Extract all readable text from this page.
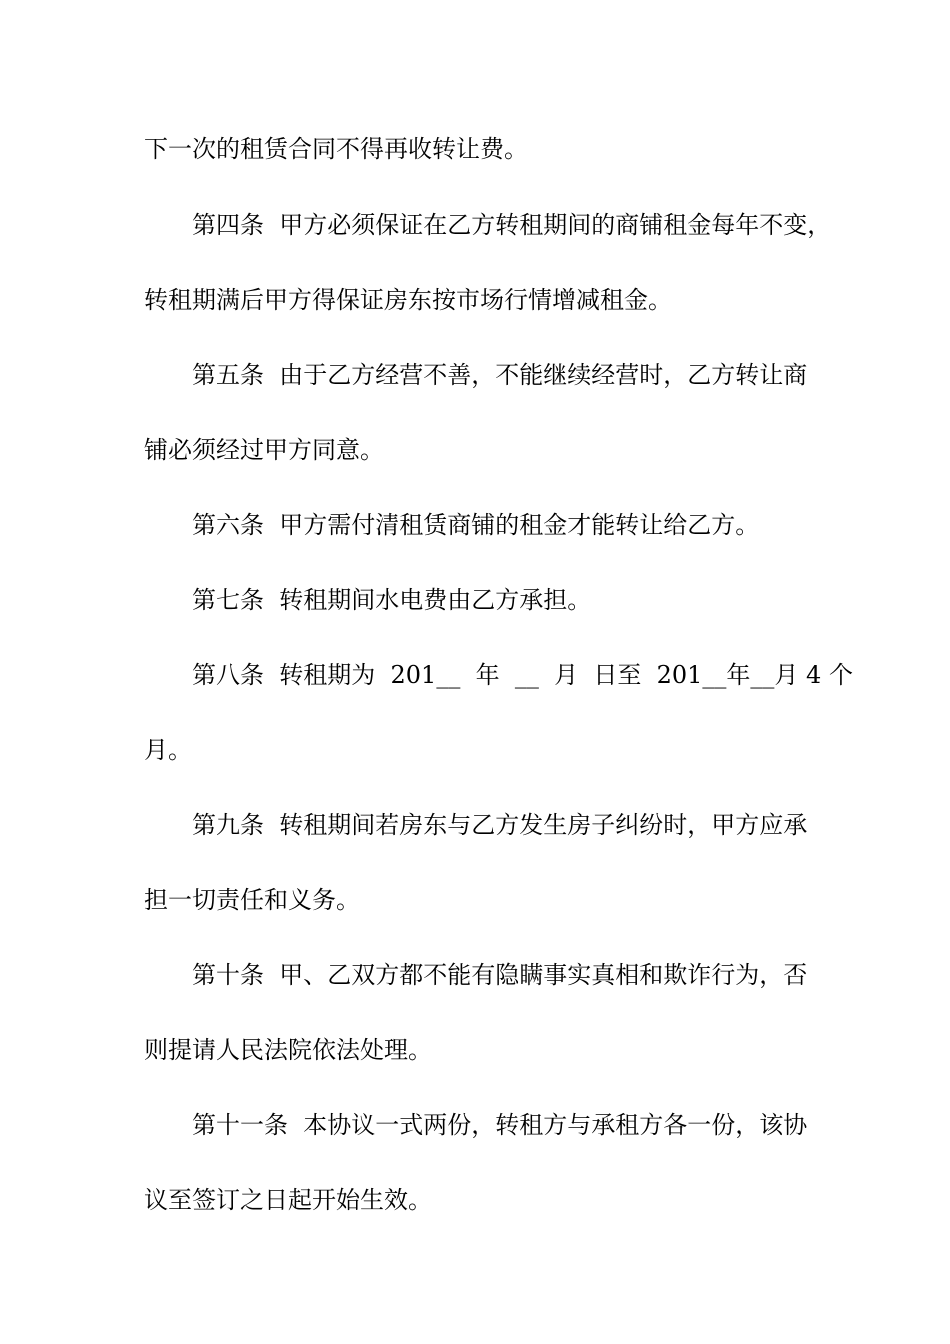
下一次的租赁合同不得再收转让费。

第四条  甲方必须保证在乙方转租期间的商铺租金每年不变，

转租期满后甲方得保证房东按市场行情增减租金。

第五条  由于乙方经营不善，不能继续经营时，乙方转让商

铺必须经过甲方同意。

第六条  甲方需付清租赁商铺的租金才能转让给乙方。

第七条  转租期间水电费由乙方承担。

第八条  转租期为  201__  年  __  月  日至  201__年__月 4 个

月。

第九条  转租期间若房东与乙方发生房子纠纷时，甲方应承

担一切责任和义务。

第十条  甲、乙双方都不能有隐瞒事实真相和欺诈行为，否

则提请人民法院依法处理。

第十一条  本协议一式两份，转租方与承租方各一份，该协

议至签订之日起开始生效。
